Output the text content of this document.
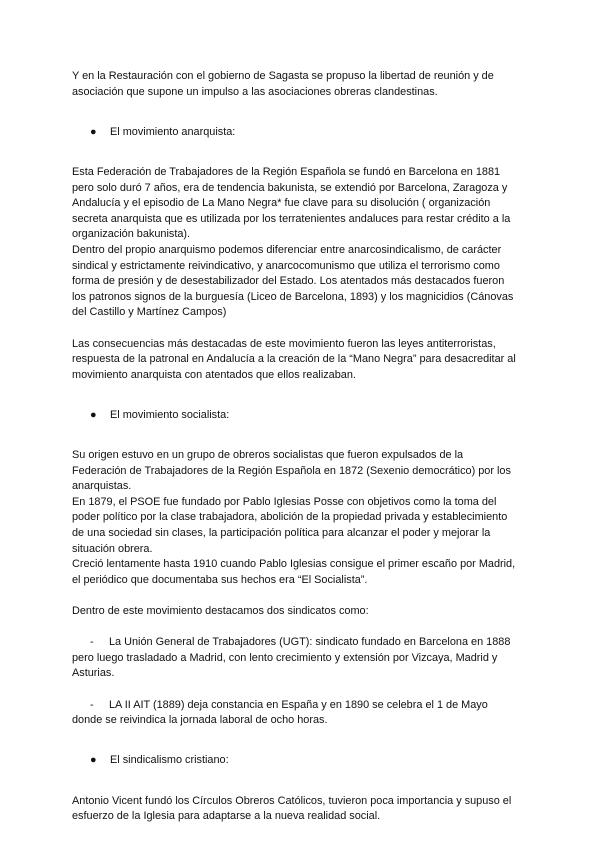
Y en la Restauración con el gobierno de Sagasta se propuso la libertad de reunión y de
asociación que supone un impulso a las asociaciones obreras clandestinas.

● El movimiento anarquista:

Esta Federación de Trabajadores de la Región Española se fundó en Barcelona en 1881
pero solo duró 7 años, era de tendencia bakunista, se extendió por Barcelona, Zaragoza y
Andalucía y el episodio de La Mano Negra* fue clave para su disolución ( organización
secreta anarquista que es utilizada por los terratenientes andaluces para restar crédito a la
organización bakunista).
Dentro del propio anarquismo podemos diferenciar entre anarcosindicalismo, de carácter
sindical y estrictamente reivindicativo, y anarcocomunismo que utiliza el terrorismo como
forma de presión y de desestabilizador del Estado. Los atentados más destacados fueron
los patronos signos de la burguesía (Liceo de Barcelona, 1893) y los magnicidios (Cánovas
del Castillo y Martínez Campos)

Las consecuencias más destacadas de este movimiento fueron las leyes antiterroristas,
respuesta de la patronal en Andalucía a la creación de la “Mano Negra” para desacreditar al
movimiento anarquista con atentados que ellos realizaban.

● El movimiento socialista:

Su origen estuvo en un grupo de obreros socialistas que fueron expulsados de la
Federación de Trabajadores de la Región Española en 1872 (Sexenio democrático) por los
anarquistas.
En 1879, el PSOE fue fundado por Pablo Iglesias Posse con objetivos como la toma del
poder político por la clase trabajadora, abolición de la propiedad privada y establecimiento
de una sociedad sin clases, la participación política para alcanzar el poder y mejorar la
situación obrera.
Creció lentamente hasta 1910 cuando Pablo Iglesias consigue el primer escaño por Madrid,
el periódico que documentaba sus hechos era “El Socialista”.

Dentro de este movimiento destacamos dos sindicatos como:

- La Unión General de Trabajadores (UGT): sindicato fundado en Barcelona en 1888
pero luego trasladado a Madrid, con lento crecimiento y extensión por Vizcaya, Madrid y
Asturias.
- LA II AIT (1889) deja constancia en España y en 1890 se celebra el 1 de Mayo
donde se reivindica la jornada laboral de ocho horas.

● El sindicalismo cristiano:

Antonio Vicent fundó los Círculos Obreros Católicos, tuvieron poca importancia y supuso el
esfuerzo de la Iglesia para adaptarse a la nueva realidad social.
